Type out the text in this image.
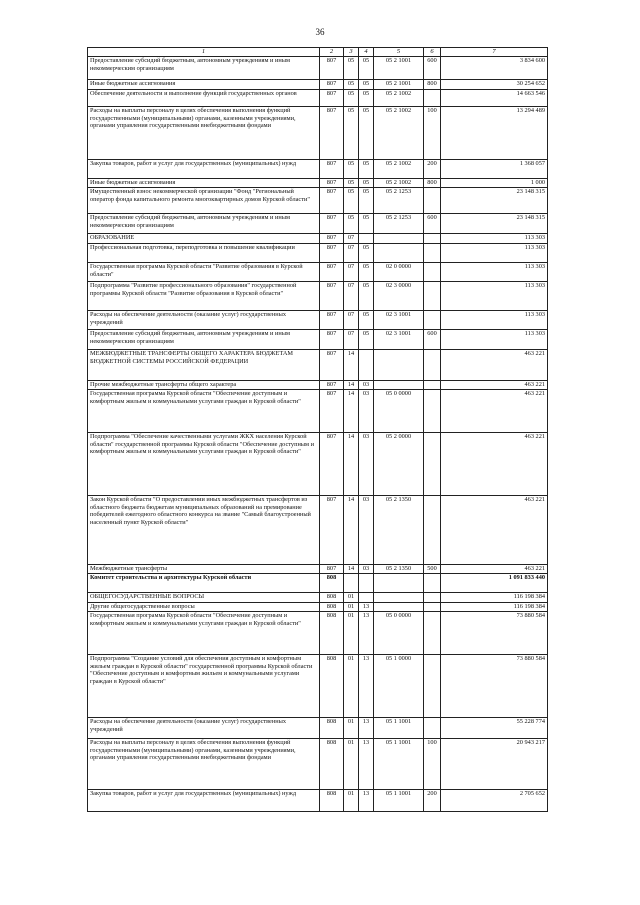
36
1	2	3	4	5	6	7
Предоставление субсидий бюджетным, автономным учреждениям и иным некоммерческим организациям	807	05	05	05 2 1001	600	3 834 600
Иные бюджетные ассигнования	807	05	05	05 2 1001	800	30 254 652
Обеспечение деятельности и выполнение функций государственных органов	807	05	05	05 2 1002		14 663 546
Расходы на выплаты персоналу в целях обеспечения выполнения функций государственными (муниципальными) органами, казенными учреждениями, органами управления государственными внебюджетными фондами	807	05	05	05 2 1002	100	13 294 489
Закупка товаров, работ и услуг для государственных (муниципальных) нужд	807	05	05	05 2 1002	200	1 368 057
Иные бюджетные ассигнования	807	05	05	05 2 1002	800	1 000
Имущественный взнос некоммерческой организации "Фонд "Региональный оператор фонда капитального ремонта многоквартирных домов Курской области"	807	05	05	05 2 1253		23 148 315
Предоставление субсидий бюджетным, автономным учреждениям и иным некоммерческим организациям	807	05	05	05 2 1253	600	23 148 315
ОБРАЗОВАНИЕ	807	07				113 303
Профессиональная подготовка, переподготовка и повышение квалификации	807	07	05			113 303
Государственная программа Курской области "Развитие образования в Курской области"	807	07	05	02 0 0000		113 303
Подпрограмма "Развитие профессионального образования" государственной программы Курской области "Развитие образования в Курской области"	807	07	05	02 3 0000		113 303
Расходы на обеспечение деятельности (оказание услуг) государственных учреждений	807	07	05	02 3 1001		113 303
Предоставление субсидий бюджетным, автономным учреждениям и иным некоммерческим организациям	807	07	05	02 3 1001	600	113 303
МЕЖБЮДЖЕТНЫЕ ТРАНСФЕРТЫ ОБЩЕГО ХАРАКТЕРА БЮДЖЕТАМ БЮДЖЕТНОЙ СИСТЕМЫ РОССИЙСКОЙ ФЕДЕРАЦИИ	807	14				463 221
Прочие межбюджетные трансферты общего характера	807	14	03			463 221
Государственная программа Курской области "Обеспечение доступным и комфортным жильем и коммунальными услугами граждан в Курской области"	807	14	03	05 0 0000		463 221
Подпрограмма "Обеспечение качественными услугами ЖКХ населения Курской области" государственной программы Курской области "Обеспечение доступным и комфортным жильем и коммунальными услугами граждан в Курской области"	807	14	03	05 2 0000		463 221
Закон Курской области "О предоставлении иных межбюджетных трансфертов из областного бюджета бюджетам муниципальных образований на премирование победителей ежегодного областного конкурса на звание "Самый благоустроенный населенный пункт Курской области"	807	14	03	05 2 1350		463 221
Межбюджетные трансферты	807	14	03	05 2 1350	500	463 221
Комитет строительства и архитектуры Курской области	808					1 091 833 440
ОБЩЕГОСУДАРСТВЕННЫЕ ВОПРОСЫ	808	01				116 198 384
Другие общегосударственные вопросы	808	01	13			116 198 384
Государственная программа Курской области "Обеспечение доступным и комфортным жильем и коммунальными услугами граждан в Курской области"	808	01	13	05 0 0000		73 880 584
Подпрограмма "Создание условий для обеспечения доступным и комфортным жильем граждан в Курской области" государственной программы Курской области "Обеспечение доступным и комфортным жильем и коммунальными услугами граждан в Курской области"	808	01	13	05 1 0000		73 880 584
Расходы на обеспечение деятельности (оказание услуг) государственных учреждений	808	01	13	05 1 1001		55 228 774
Расходы на выплаты персоналу в целях обеспечения выполнения функций государственными (муниципальными) органами, казенными учреждениями, органами управления государственными внебюджетными фондами	808	01	13	05 1 1001	100	20 943 217
Закупка товаров, работ и услуг для государственных (муниципальных) нужд	808	01	13	05 1 1001	200	2 705 652
